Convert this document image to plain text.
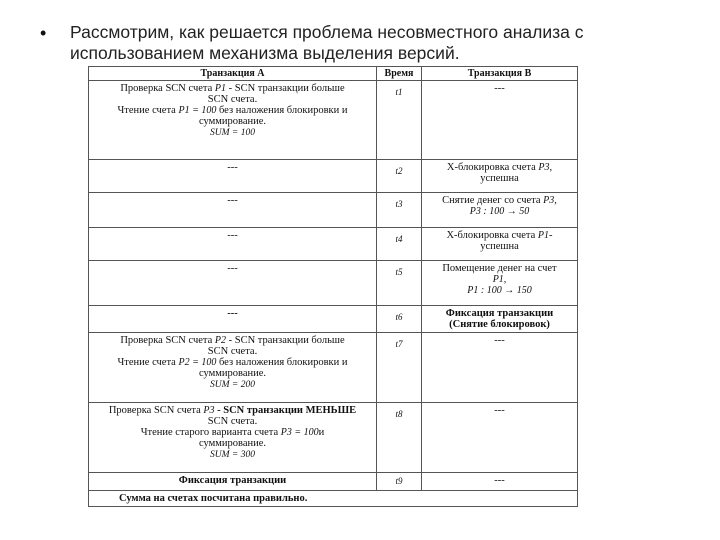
• Рассмотрим, как решается проблема несовместного анализа с использованием механизма выделения версий.
Транзакция А	Время	Транзакция В
Проверка SCN счета P1 - SCN транзакции больше
SCN счета.
Чтение счета P1 = 100 без наложения блокировки и
суммирование.
SUM = 100	t1	---
---	t2	X-блокировка счета P3,
успешна

---	t3	Снятие денег со счета P3,
P3 : 100 → 50

---	t4	X-блокировка счета P1-
успешна

---	t5	Помещение денег на счет
P1,
P1 : 100 → 150

---	t6	Фиксация транзакции
(Снятие блокировок)

Проверка SCN счета P2 - SCN транзакции больше
SCN счета.
Чтение счета P2 = 100 без наложения блокировки и
суммирование.
SUM = 200	t7	---
Проверка SCN счета P3 - SCN транзакции МЕНЬШЕ
SCN счета.
Чтение старого варианта счета P3 = 100и
суммирование.
SUM = 300	t8	---
Фиксация транзакции	t9	---
Сумма на счетах посчитана правильно.		
